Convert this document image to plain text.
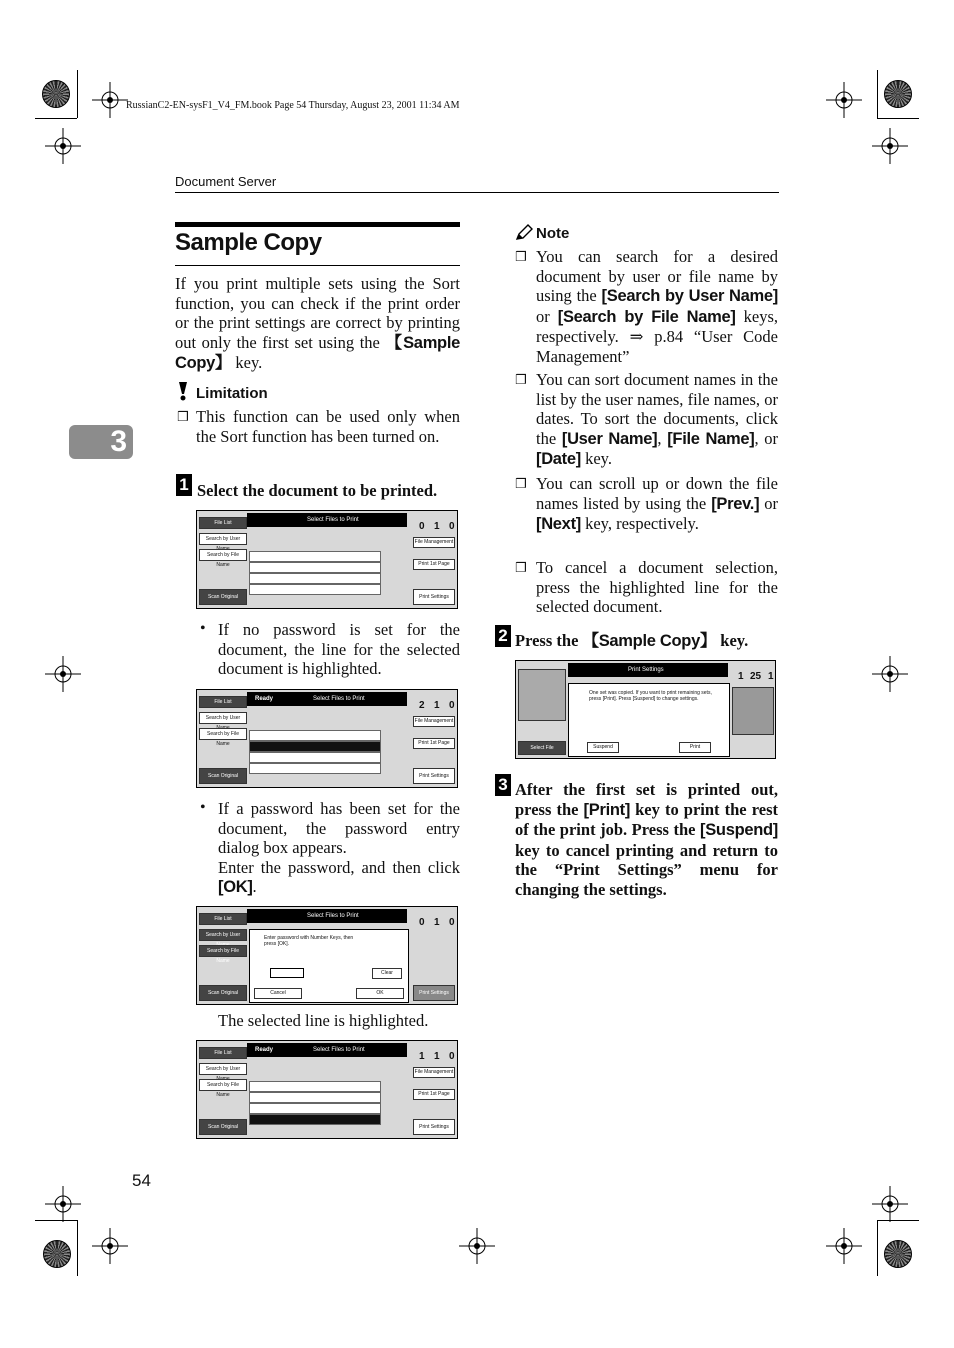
RussianC2-EN-sysF1_V4_FM.book Page 54 Thursday, August 23, 2001 11:34 AM
Document Server
3
Sample Copy
If you print multiple sets using the Sort function, you can check if the print order or the print settings are correct by printing out only the first set using the 【Sample Copy】 key.
Limitation
❒ This function can be used only when the Sort function has been turned on.
1 Select the document to be printed.
Select Files to Print
File List
Search by User
Search by File Name
Scan Original
0 1 0
File Management
Print 1st Page
Print Settings
• If no password is set for the document, the line for the selected document is highlighted.
Ready	Select Files to Print
File List
Search by User
Search by File Name
Scan Original
2 1 0
File Management
Print 1st Page
Print Settings
• If a password has been set for the document, the password entry dialog box appears.
Enter the password, and then click [OK].
Select Files to Print
File List
Search by User
Search by File Name
Scan Original
Enter password with Number Keys, then press [OK].
Clear
Cancel	OK
0 1 0
Print Settings
The selected line is highlighted.
Ready	Select Files to Print
File List
Search by User
Search by File Name
Scan Original
1 1 0
File Management
Print 1st Page
Print Settings
54
Note
❒ You can search for a desired document by user or file name by using the [Search by User Name] or [Search by File Name] keys, respectively. ⇒ p.84 “User Code Management”
❒ You can sort document names in the list by the user names, file names, or dates. To sort the documents, click the [User Name], [File Name], or [Date] key.
❒ You can scroll up or down the file names listed by using the [Prev.] or [Next] key, respectively.
❒ To cancel a document selection, press the highlighted line for the selected document.
2 Press the 【Sample Copy】 key.
Print Settings
Select File
One set was copied. If you want to print remaining sets, press [Print]. Press [Suspend] to change settings.
Suspend	Print
1 25 1
3 After the first set is printed out, press the [Print] key to print the rest of the print job. Press the [Suspend] key to cancel printing and return to the “Print Settings” menu for changing the settings.
